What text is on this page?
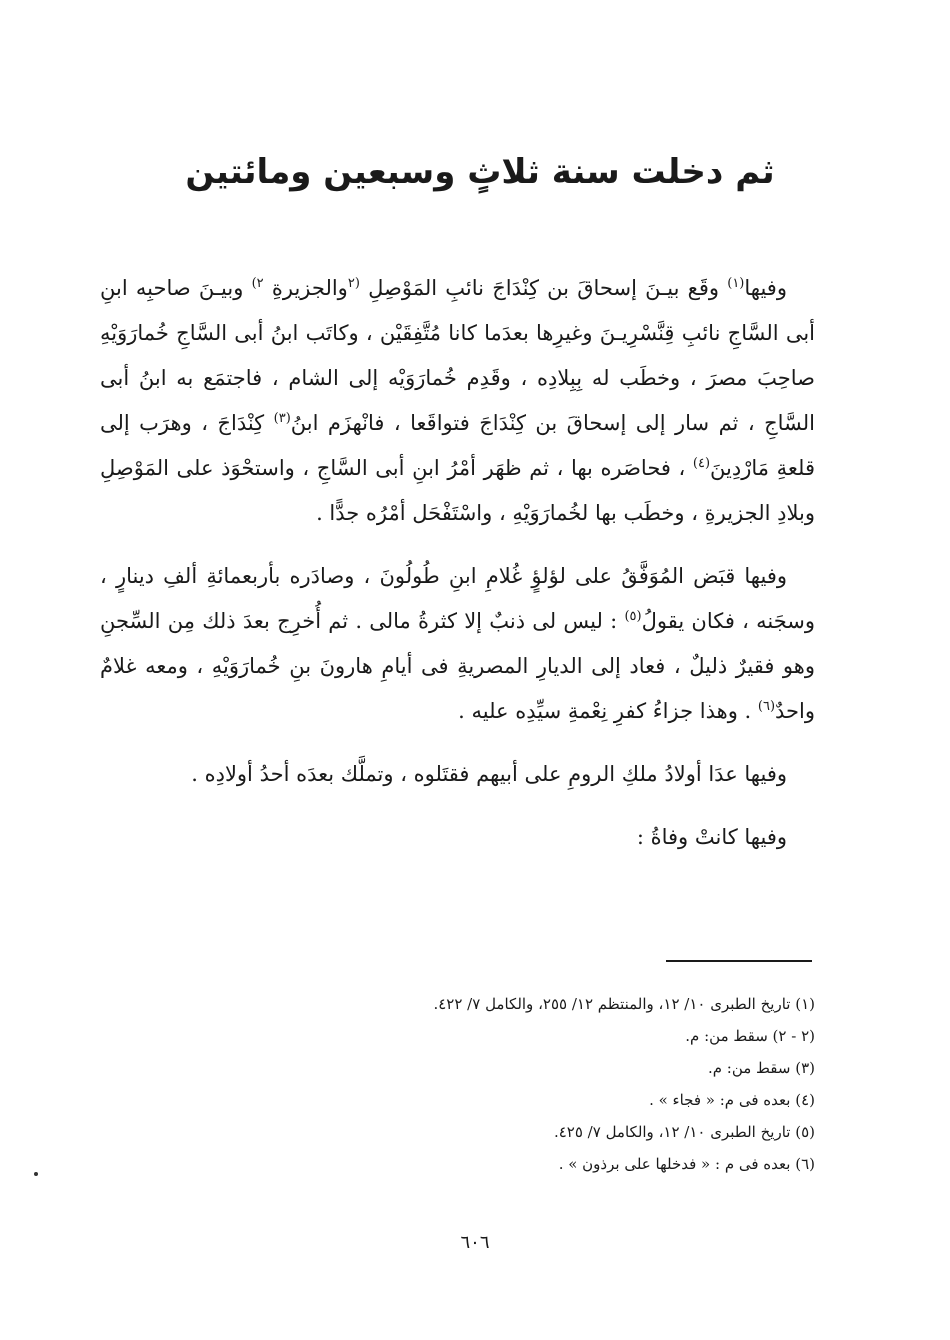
ثم دخلت سنة ثلاثٍ وسبعين ومائتين

وفيها$^{(١)}$ وقَع بيـنَ إسحاقَ بن كِنْدَاجَ نائبِ المَوْصِلِ $^{(٢}$والجزيرةِ $^{٢)}$ وبيـنَ صاحبِه ابنِ أبى السَّاجِ نائبِ قِنَّسْرِيـنَ وغيرِها بعدَما كانا مُتَّفِقَيْن ، وكاتَب ابنُ أبى السَّاجِ خُمارَوَيْهِ صاحِبَ مصرَ ، وخطَب له بِبِلادِه ، وقَدِم خُمارَوَيْه إلى الشام ، فاجتمَع به ابنُ أبى السَّاجِ ، ثم سار إلى إسحاقَ بن كِنْدَاجَ فتواقَعا ، فانْهزَم ابنُ$^{(٣)}$ كِنْدَاجَ ، وهرَب إلى قلعةِ مَارْدِينَ$^{(٤)}$ ، فحاصَره بها ، ثم ظهَر أمْرُ ابنِ أبى السَّاجِ ، واستحْوَذ على المَوْصِلِ وبلادِ الجزيرةِ ، وخطَب بها لخُمارَوَيْهِ ، واسْتَفْحَل أمْرُه جدًّا .

وفيها قبَض المُوَفَّقُ على لؤلؤٍ غُلامِ ابنِ طُولُونَ ، وصادَره بأربعمائةِ ألفِ دينارٍ ، وسجَنه ، فكان يقولُ$^{(٥)}$ : ليس لى ذنبٌ إلا كثرةُ مالى . ثم أُخرِج بعدَ ذلك مِن السِّجنِ وهو فقيرٌ ذليلٌ ، فعاد إلى الديارِ المصريةِ فى أيامِ هارونَ بنِ خُمارَوَيْهِ ، ومعه غلامٌ واحدٌ$^{(٦)}$ . وهذا جزاءُ كفرِ نِعْمةِ سيِّدِه عليه .

وفيها عدَا أولادُ ملكِ الرومِ على أبيهم فقتَلوه ، وتملَّك بعدَه أحدُ أولادِه .

وفيها كانتْ وفاةُ :

(١) تاريخ الطبرى ١٠/ ١٢، والمنتظم ١٢/ ٢٥٥، والكامل ٧/ ٤٢٢.
(٢ - ٢) سقط من: م.
(٣) سقط من: م.
(٤) بعده فى م: « فجاء » .
(٥) تاريخ الطبرى ١٠/ ١٢، والكامل ٧/ ٤٢٥.
(٦) بعده فى م : « فدخلها على برذون » .
٦٠٦
